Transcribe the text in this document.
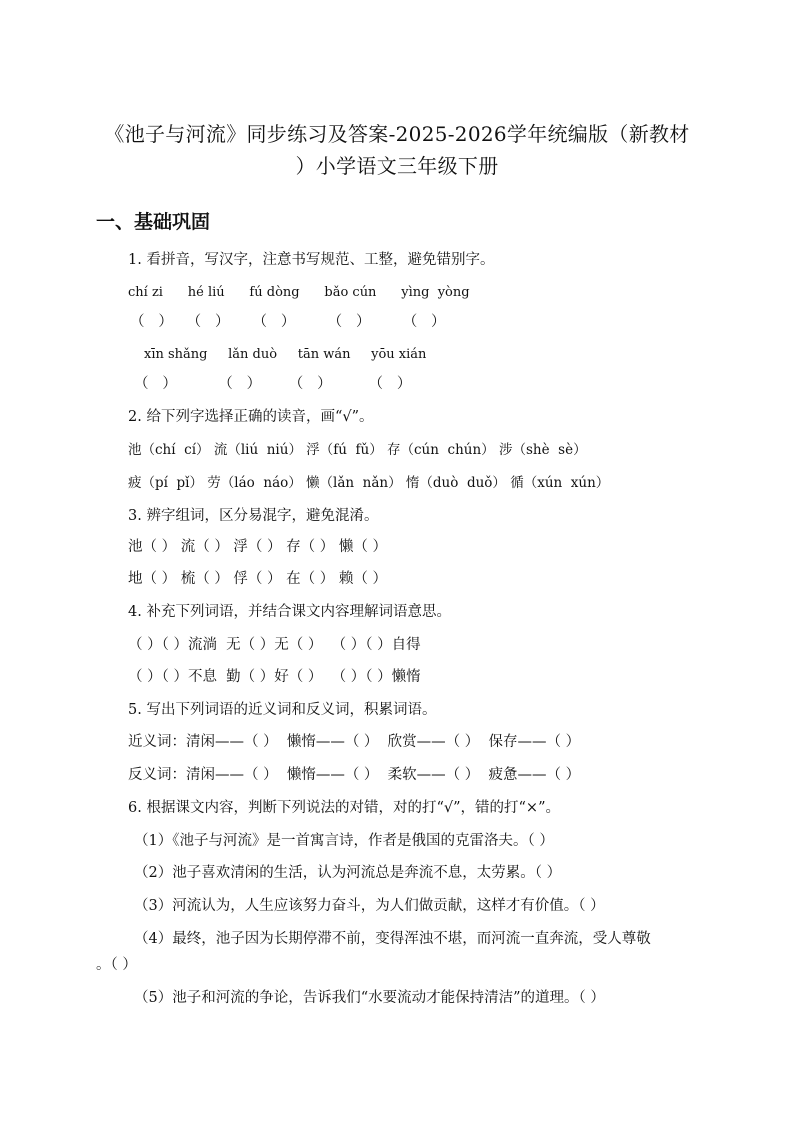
《池子与河流》同步练习及答案-2025-2026学年统编版（新教材
）小学语文三年级下册
一、基础巩固
1. 看拼音，写汉字，注意书写规范、工整，避免错别字。
chí zi      hé liú      fú dòng      bǎo cún      yìng  yòng
（   ）   （   ）     （   ）       （   ）       （   ）
xīn shǎng     lǎn duò     tān wán     yōu xián
（   ）         （   ）      （   ）        （   ）
2. 给下列字选择正确的读音，画“√”。
池（chí  cí） 流（liú  niú） 浮（fú  fǔ） 存（cún  chún） 涉（shè  sè）
疲（pí  pǐ） 劳（láo  náo） 懒（lǎn  nǎn） 惰（duò  duǒ） 循（xún  xún）
3. 辨字组词，区分易混字，避免混淆。
池（ ） 流（ ） 浮（ ） 存（ ） 懒（ ）
地（ ） 梳（ ） 俘（ ） 在（ ） 赖（ ）
4. 补充下列词语，并结合课文内容理解词语意思。
（ ）（ ）流淌  无（ ）无（ ）  （ ）（ ）自得
（ ）（ ）不息  勤（ ）好（ ）  （ ）（ ）懒惰
5. 写出下列词语的近义词和反义词，积累词语。
近义词：清闲——（ ）  懒惰——（ ）  欣赏——（ ）  保存——（ ）
反义词：清闲——（ ）  懒惰——（ ）  柔软——（ ）  疲惫——（ ）
6. 根据课文内容，判断下列说法的对错，对的打“√”，错的打“×”。
（1）《池子与河流》是一首寓言诗，作者是俄国的克雷洛夫。（ ）
（2）池子喜欢清闲的生活，认为河流总是奔流不息，太劳累。（ ）
（3）河流认为，人生应该努力奋斗，为人们做贡献，这样才有价值。（ ）
（4）最终，池子因为长期停滞不前，变得浑浊不堪，而河流一直奔流，受人尊敬
。（ ）
（5）池子和河流的争论，告诉我们“水要流动才能保持清洁”的道理。（ ）
